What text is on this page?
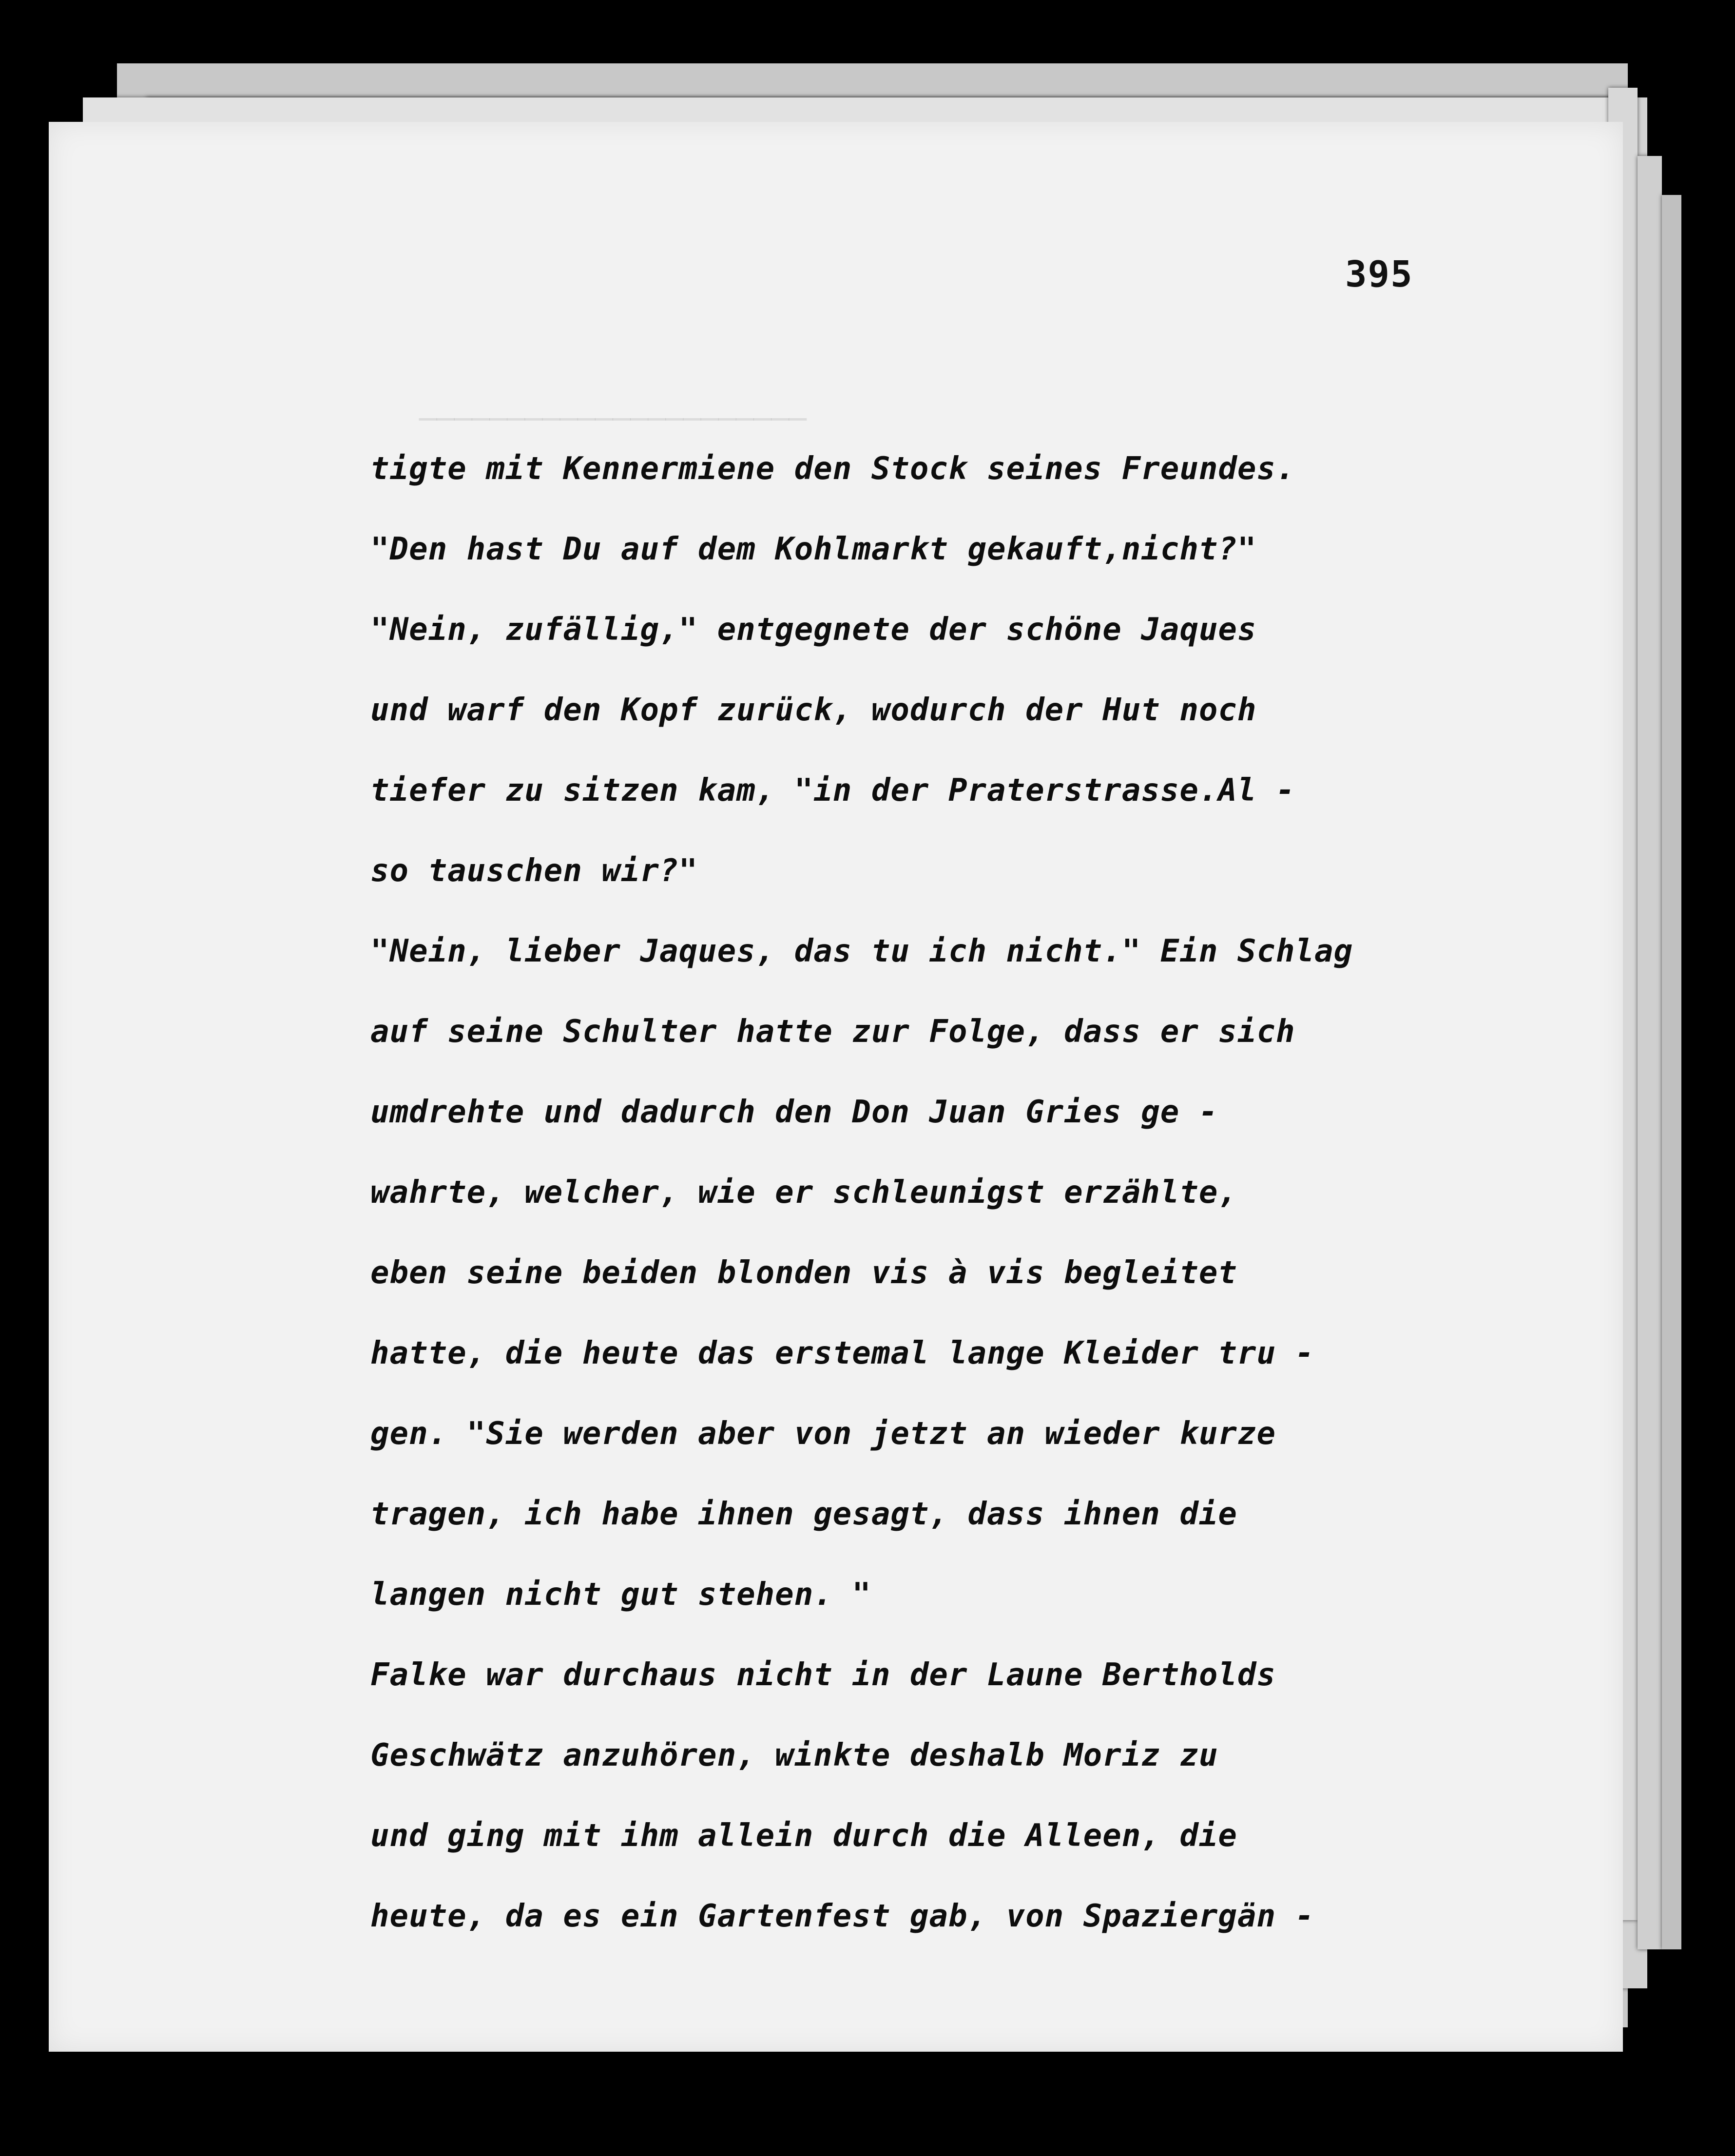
395
──────────────────────
tigte mit Kennermiene den Stock seines Freundes.
"Den hast Du auf dem Kohlmarkt gekauft,nicht?"
"Nein, zufällig," entgegnete der schöne Jaques
und warf den Kopf zurück, wodurch der Hut noch
tiefer zu sitzen kam, "in der Praterstrasse.Al -
so tauschen wir?"
"Nein, lieber Jaques, das tu ich nicht." Ein Schlag
auf seine Schulter hatte zur Folge, dass er sich
umdrehte und dadurch den Don Juan Gries ge -
wahrte, welcher, wie er schleunigst erzählte,
eben seine beiden blonden vis à vis begleitet
hatte, die heute das erstemal lange Kleider tru -
gen. "Sie werden aber von jetzt an wieder kurze
tragen, ich habe ihnen gesagt, dass ihnen die
langen nicht gut stehen. "
Falke war durchaus nicht in der Laune Bertholds
Geschwätz anzuhören, winkte deshalb Moriz zu
und ging mit ihm allein durch die Alleen, die
heute, da es ein Gartenfest gab, von Spaziergän -
